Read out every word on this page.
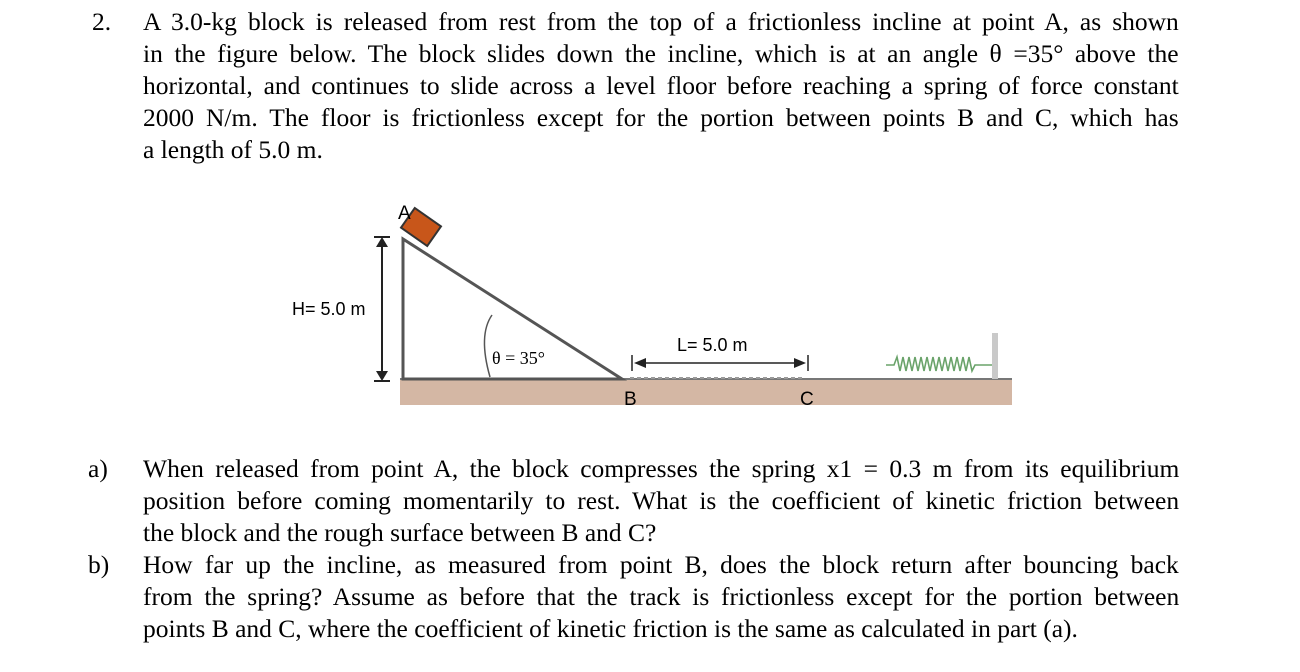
2. A 3.0-kg block is released from rest from the top of a frictionless incline at point A, as shown
in the figure below. The block slides down the incline, which is at an angle θ =35° above the
horizontal, and continues to slide across a level floor before reaching a spring of force constant
2000 N/m. The floor is frictionless except for the portion between points B and C, which has
a length of 5.0 m.
A
H= 5.0 m
θ = 35°
B	C
L= 5.0 m
a) When released from point A, the block compresses the spring x1 = 0.3 m from its equilibrium
position before coming momentarily to rest. What is the coefficient of kinetic friction between
the block and the rough surface between B and C?
b) How far up the incline, as measured from point B, does the block return after bouncing back
from the spring? Assume as before that the track is frictionless except for the portion between
points B and C, where the coefficient of kinetic friction is the same as calculated in part (a).
